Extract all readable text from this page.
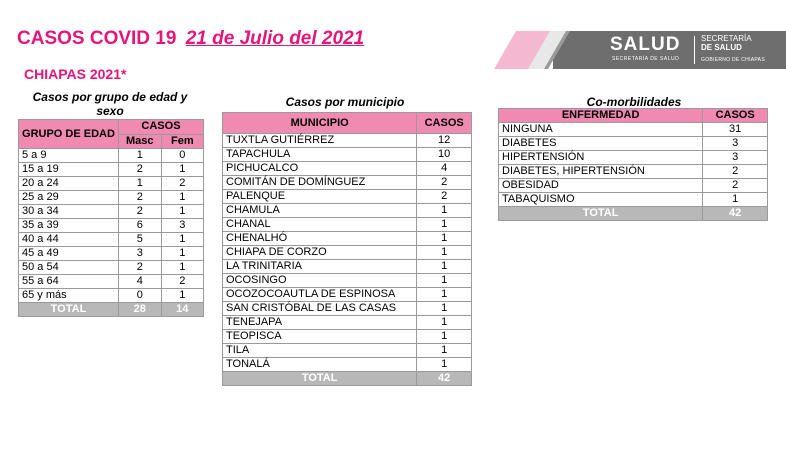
CASOS COVID 19 21 de Julio del 2021
CHIAPAS 2021*
SALUD
SECRETARÍA DE SALUD
SECRETARÍA
DE SALUD
GOBIERNO DE CHIAPAS
Casos por grupo de edad y sexo
GRUPO DE EDAD	CASOS	
	Masc	Fem
5 a 9	1	0
15 a 19	2	1
20 a 24	1	2
25 a 29	2	1
30 a 34	2	1
35 a 39	6	3
40 a 44	5	1
45 a 49	3	1
50 a 54	2	1
55 a 64	4	2
65 y más	0	1
TOTAL	28	14
Casos por municipio
MUNICIPIO	CASOS
TUXTLA GUTIÉRREZ	12
TAPACHULA	10
PICHUCALCO	4
COMITÁN DE DOMÍNGUEZ	2
PALENQUE	2
CHAMULA	1
CHANAL	1
CHENALHÓ	1
CHIAPA DE CORZO	1
LA TRINITARIA	1
OCOSINGO	1
OCOZOCOAUTLA DE ESPINOSA	1
SAN CRISTÓBAL DE LAS CASAS	1
TENEJAPA	1
TEOPISCA	1
TILA	1
TONALÁ	1
TOTAL	42
Co-morbilidades
ENFERMEDAD	CASOS
NINGUNA	31
DIABETES	3
HIPERTENSIÓN	3
DIABETES, HIPERTENSIÓN	2
OBESIDAD	2
TABAQUISMO	1
TOTAL	42
